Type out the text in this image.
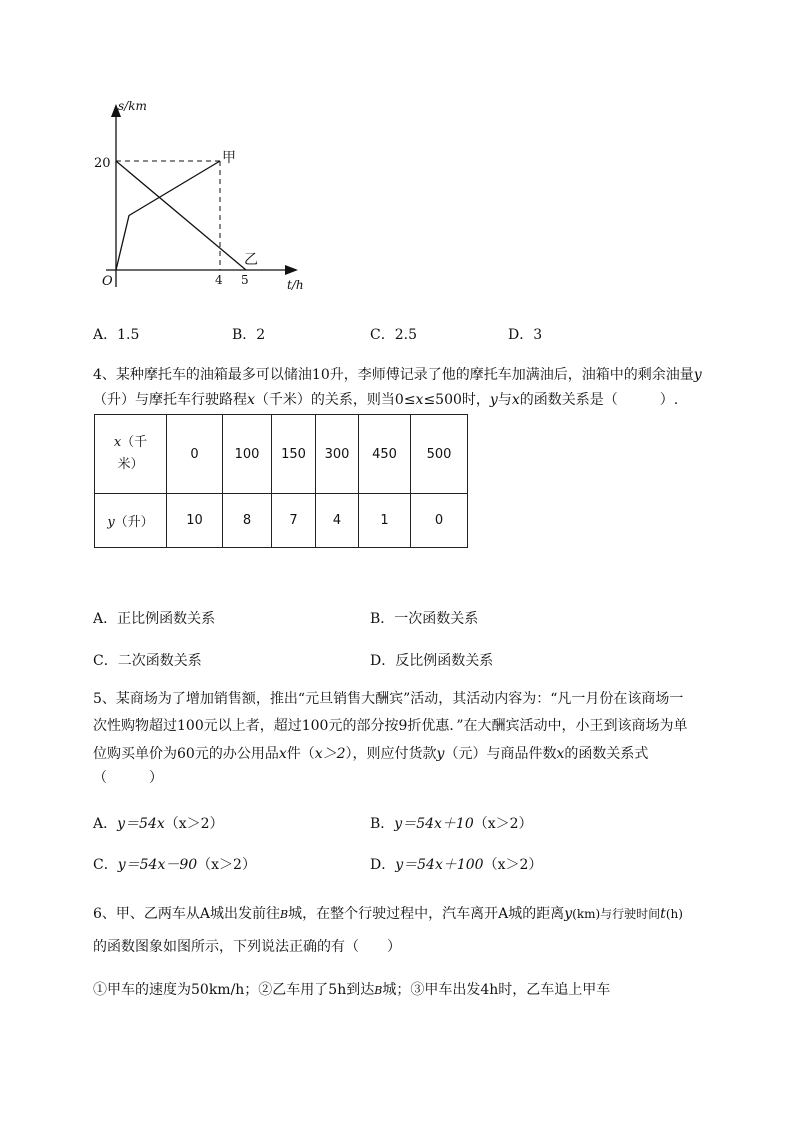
s/km
t/h
O
20
4 5
甲
乙
A．1.5	B．2	C．2.5	D．3
4、某种摩托车的油箱最多可以储油10升，李师傅记录了他的摩托车加满油后，油箱中的剩余油量y
（升）与摩托车行驶路程x（千米）的关系，则当0≤x≤500时，y与x的函数关系是（　　　）.
x（千
米）	0	100	150	300	450	500
y（升）	10	8	7	4	1	0
A．正比例函数关系	B．一次函数关系
C．二次函数关系	D．反比例函数关系
5、某商场为了增加销售额，推出“元旦销售大酬宾”活动，其活动内容为：“凡一月份在该商场一
次性购物超过100元以上者，超过100元的部分按9折优惠．”在大酬宾活动中，小王到该商场为单
位购买单价为60元的办公用品x件（x＞2），则应付货款y（元）与商品件数x的函数关系式
（　　　）
A．y＝54x（x＞2）	B．y＝54x＋10（x＞2）
C．y＝54x－90（x＞2）	D．y＝54x＋100（x＞2）
6、甲、乙两车从A城出发前往B城，在整个行驶过程中，汽车离开A城的距离y(km)与行驶时间t(h)
的函数图象如图所示，下列说法正确的有（　　）
①甲车的速度为50km/h；②乙车用了5h到达B城；③甲车出发4h时，乙车追上甲车
